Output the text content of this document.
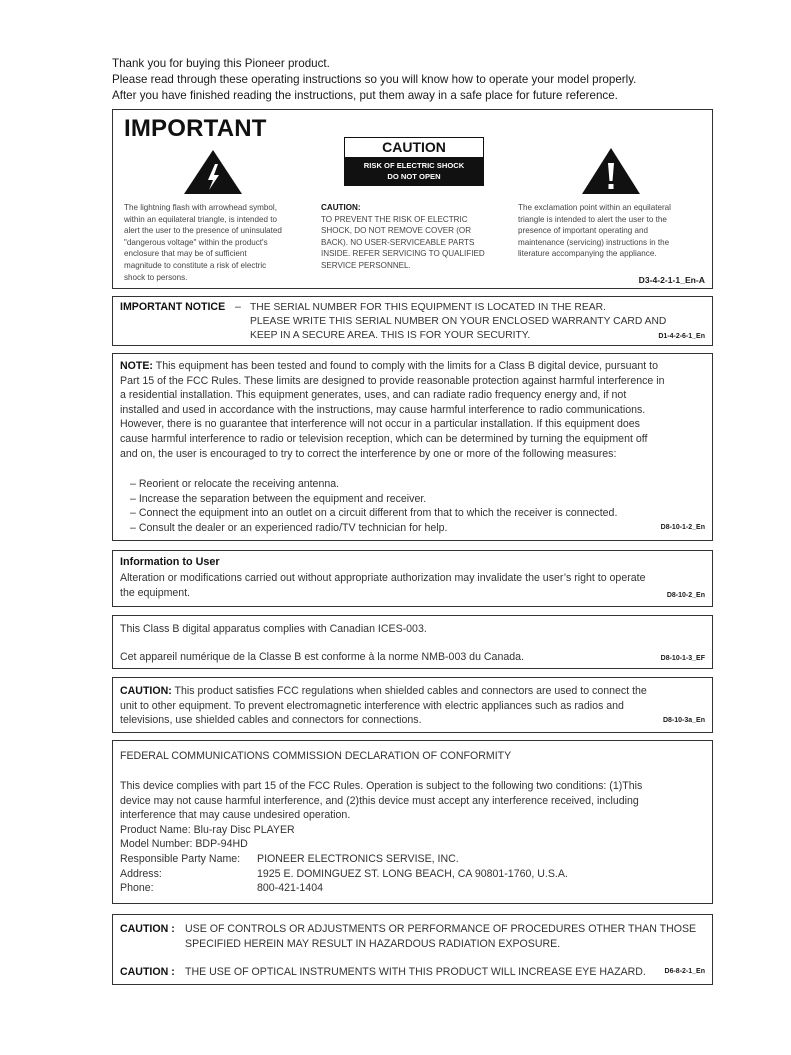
Thank you for buying this Pioneer product.
Please read through these operating instructions so you will know how to operate your model properly.
After you have finished reading the instructions, put them away in a safe place for future reference.
IMPORTANT
CAUTION
RISK OF ELECTRIC SHOCK
DO NOT OPEN
The lightning flash with arrowhead symbol,
within an equilateral triangle, is intended to
alert the user to the presence of uninsulated
"dangerous voltage" within the product's
enclosure that may be of sufficient
magnitude to constitute a risk of electric
shock to persons.
CAUTION:
TO PREVENT THE RISK OF ELECTRIC
SHOCK, DO NOT REMOVE COVER (OR
BACK). NO USER-SERVICEABLE PARTS
INSIDE. REFER SERVICING TO QUALIFIED
SERVICE PERSONNEL.
The exclamation point within an equilateral
triangle is intended to alert the user to the
presence of important operating and
maintenance (servicing) instructions in the
literature accompanying the appliance.
D3-4-2-1-1_En-A
IMPORTANT NOTICE – THE SERIAL NUMBER FOR THIS EQUIPMENT IS LOCATED IN THE REAR.
PLEASE WRITE THIS SERIAL NUMBER ON YOUR ENCLOSED WARRANTY CARD AND
KEEP IN A SECURE AREA. THIS IS FOR YOUR SECURITY.	D1-4-2-6-1_En
NOTE: This equipment has been tested and found to comply with the limits for a Class B digital device, pursuant to

Part 15 of the FCC Rules. These limits are designed to provide reasonable protection against harmful interference in
a residential installation. This equipment generates, uses, and can radiate radio frequency energy and, if not
installed and used in accordance with the instructions, may cause harmful interference to radio communications.
However, there is no guarantee that interference will not occur in a particular installation. If this equipment does
cause harmful interference to radio or television reception, which can be determined by turning the equipment off
and on, the user is encouraged to try to correct the interference by one or more of the following measures:
– Reorient or relocate the receiving antenna.
– Increase the separation between the equipment and receiver.
– Connect the equipment into an outlet on a circuit different from that to which the receiver is connected.
– Consult the dealer or an experienced radio/TV technician for help.	D8-10-1-2_En
Information to User
Alteration or modifications carried out without appropriate authorization may invalidate the user’s right to operate
the equipment.	D8-10-2_En
This Class B digital apparatus complies with Canadian ICES-003.
Cet appareil numérique de la Classe B est conforme à la norme NMB-003 du Canada.	D8-10-1-3_EF
CAUTION: This product satisfies FCC regulations when shielded cables and connectors are used to connect the
unit to other equipment. To prevent electromagnetic interference with electric appliances such as radios and
televisions, use shielded cables and connectors for connections.	D8-10-3a_En
FEDERAL COMMUNICATIONS COMMISSION DECLARATION OF CONFORMITY
This device complies with part 15 of the FCC Rules. Operation is subject to the following two conditions: (1)This
device may not cause harmful interference, and (2)this device must accept any interference received, including
interference that may cause undesired operation.
Product Name: Blu-ray Disc PLAYER
Model Number: BDP-94HD
Responsible Party Name: PIONEER ELECTRONICS SERVISE, INC.
Address:	1925 E. DOMINGUEZ ST. LONG BEACH, CA 90801-1760, U.S.A.
Phone:	800-421-1404
CAUTION : USE OF CONTROLS OR ADJUSTMENTS OR PERFORMANCE OF PROCEDURES OTHER THAN THOSE
SPECIFIED HEREIN MAY RESULT IN HAZARDOUS RADIATION EXPOSURE.
CAUTION : THE USE OF OPTICAL INSTRUMENTS WITH THIS PRODUCT WILL INCREASE EYE HAZARD.	D6-8-2-1_En
